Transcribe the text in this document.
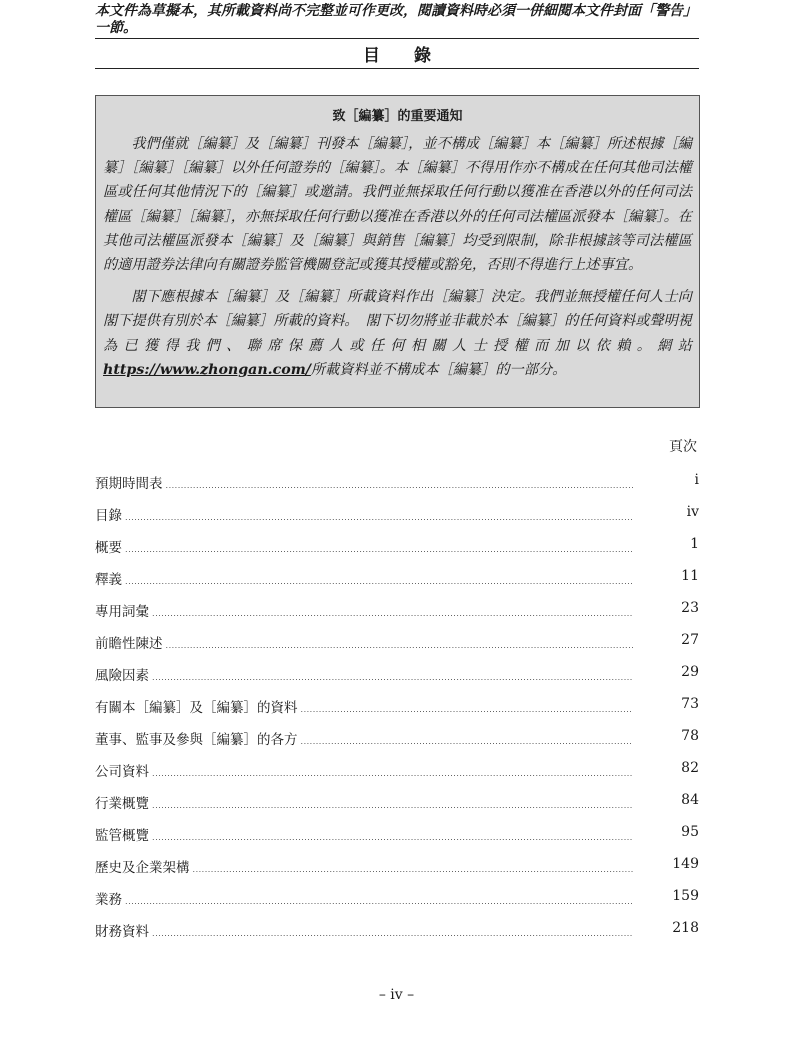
本文件為草擬本，其所載資料尚不完整並可作更改，閱讀資料時必須一併細閱本文件封面「警告」一節。
目　　錄
致［編纂］的重要通知

我們僅就［編纂］及［編纂］刊發本［編纂］，並不構成［編纂］本［編纂］所述根據［編纂］［編纂］［編纂］以外任何證券的［編纂］。本［編纂］不得用作亦不構成在任何其他司法權區或任何其他情況下的［編纂］或邀請。我們並無採取任何行動以獲准在香港以外的任何司法權區［編纂］［編纂］，亦無採取任何行動以獲准在香港以外的任何司法權區派發本［編纂］。在其他司法權區派發本［編纂］及［編纂］與銷售［編纂］均受到限制，除非根據該等司法權區的適用證券法律向有關證券監管機關登記或獲其授權或豁免，否則不得進行上述事宜。

閣下應根據本［編纂］及［編纂］所載資料作出［編纂］決定。我們並無授權任何人士向　閣下提供有別於本［編纂］所載的資料。　閣下切勿將並非載於本［編纂］的任何資料或聲明視為已獲得我們、聯席保薦人或任何相關人士授權而加以依賴。網站https://www.zhongan.com/所載資料並不構成本［編纂］的一部分。

頁次
預期時間表 .....	i
目錄 .....	iv
概要 .....	1
釋義 .....	11
專用詞彙 .....	23
前瞻性陳述 .....	27
風險因素 .....	29
有關本［編纂］及［編纂］的資料 .....	73
董事、監事及參與［編纂］的各方 .....	78
公司資料 .....	82
行業概覽 .....	84
監管概覽 .....	95
歷史及企業架構 .....	149
業務 .....	159
財務資料 .....	218
– iv –
